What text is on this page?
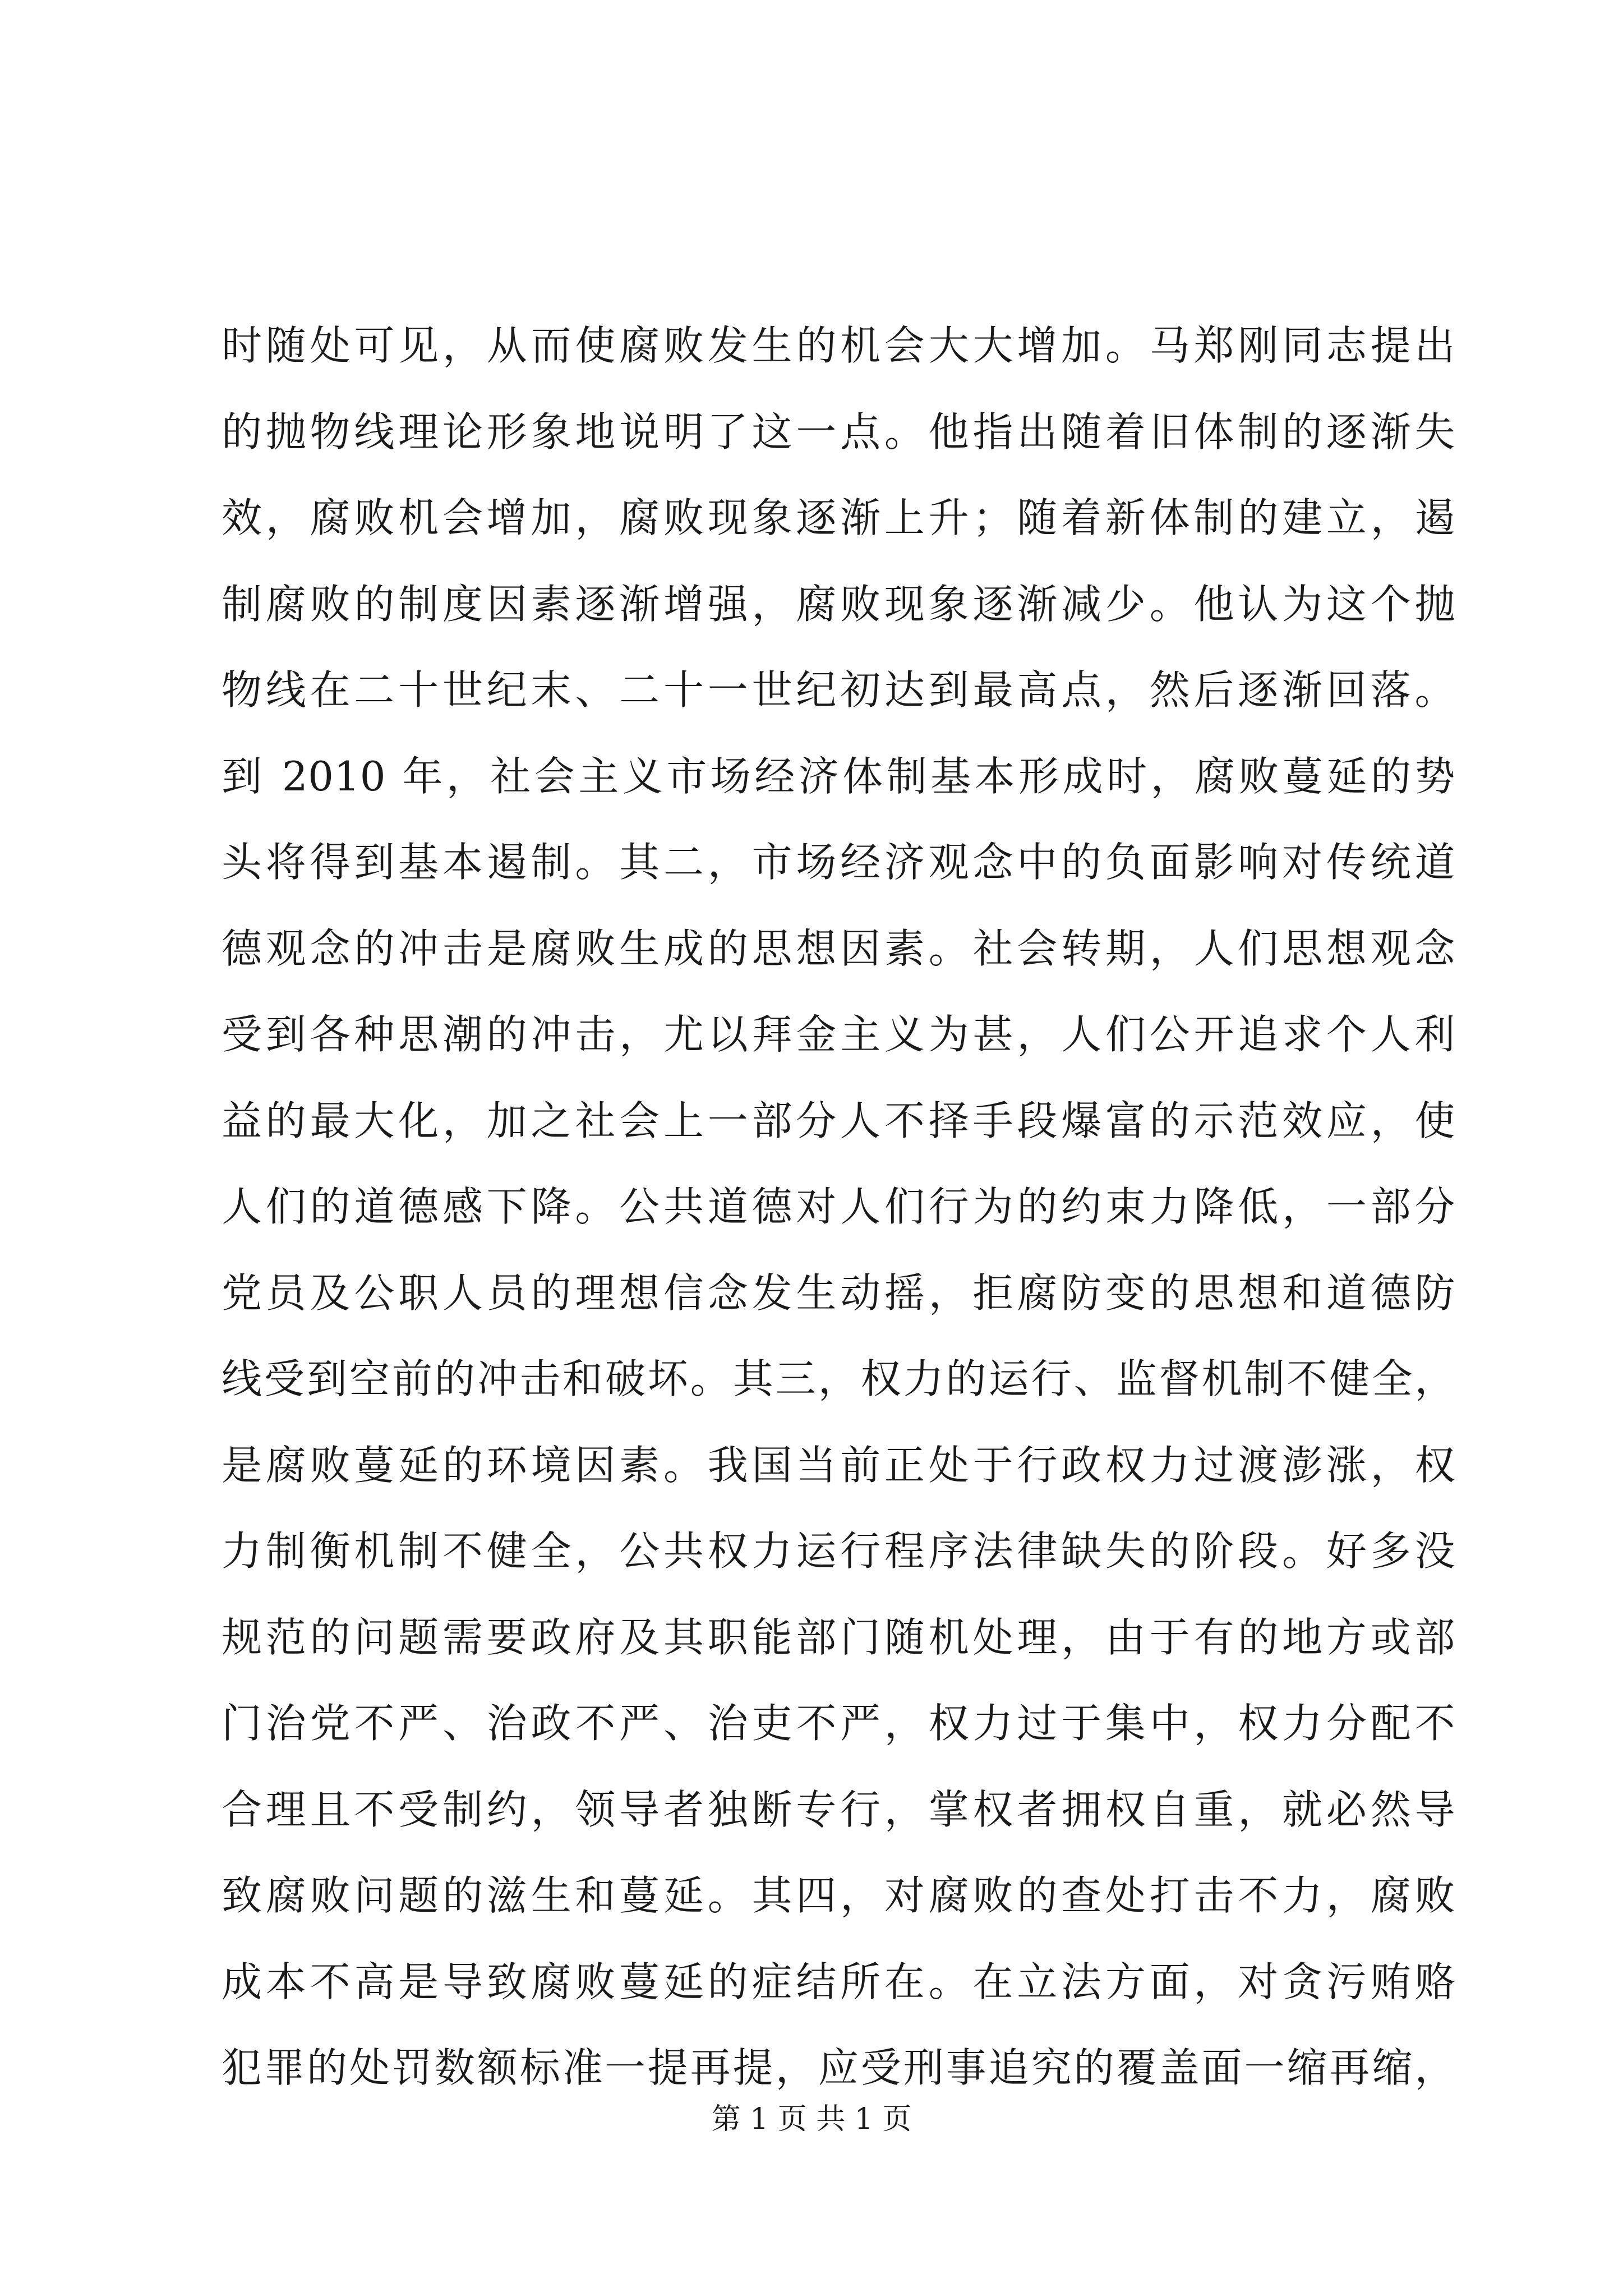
时随处可见，从而使腐败发生的机会大大增加。马郑刚同志提出
的抛物线理论形象地说明了这一点。他指出随着旧体制的逐渐失
效，腐败机会增加，腐败现象逐渐上升；随着新体制的建立，遏
制腐败的制度因素逐渐增强，腐败现象逐渐减少。他认为这个抛
物线在二十世纪末、二十一世纪初达到最高点，然后逐渐回落。
到 2010 年，社会主义市场经济体制基本形成时，腐败蔓延的势
头将得到基本遏制。其二，市场经济观念中的负面影响对传统道
德观念的冲击是腐败生成的思想因素。社会转期，人们思想观念
受到各种思潮的冲击，尤以拜金主义为甚，人们公开追求个人利
益的最大化，加之社会上一部分人不择手段爆富的示范效应，使
人们的道德感下降。公共道德对人们行为的约束力降低，一部分
党员及公职人员的理想信念发生动摇，拒腐防变的思想和道德防
线受到空前的冲击和破坏。其三，权力的运行、监督机制不健全，
是腐败蔓延的环境因素。我国当前正处于行政权力过渡澎涨，权
力制衡机制不健全，公共权力运行程序法律缺失的阶段。好多没
规范的问题需要政府及其职能部门随机处理，由于有的地方或部
门治党不严、治政不严、治吏不严，权力过于集中，权力分配不
合理且不受制约，领导者独断专行，掌权者拥权自重，就必然导
致腐败问题的滋生和蔓延。其四，对腐败的查处打击不力，腐败
成本不高是导致腐败蔓延的症结所在。在立法方面，对贪污贿赂
犯罪的处罚数额标准一提再提，应受刑事追究的覆盖面一缩再缩，
第 1 页 共 1 页
